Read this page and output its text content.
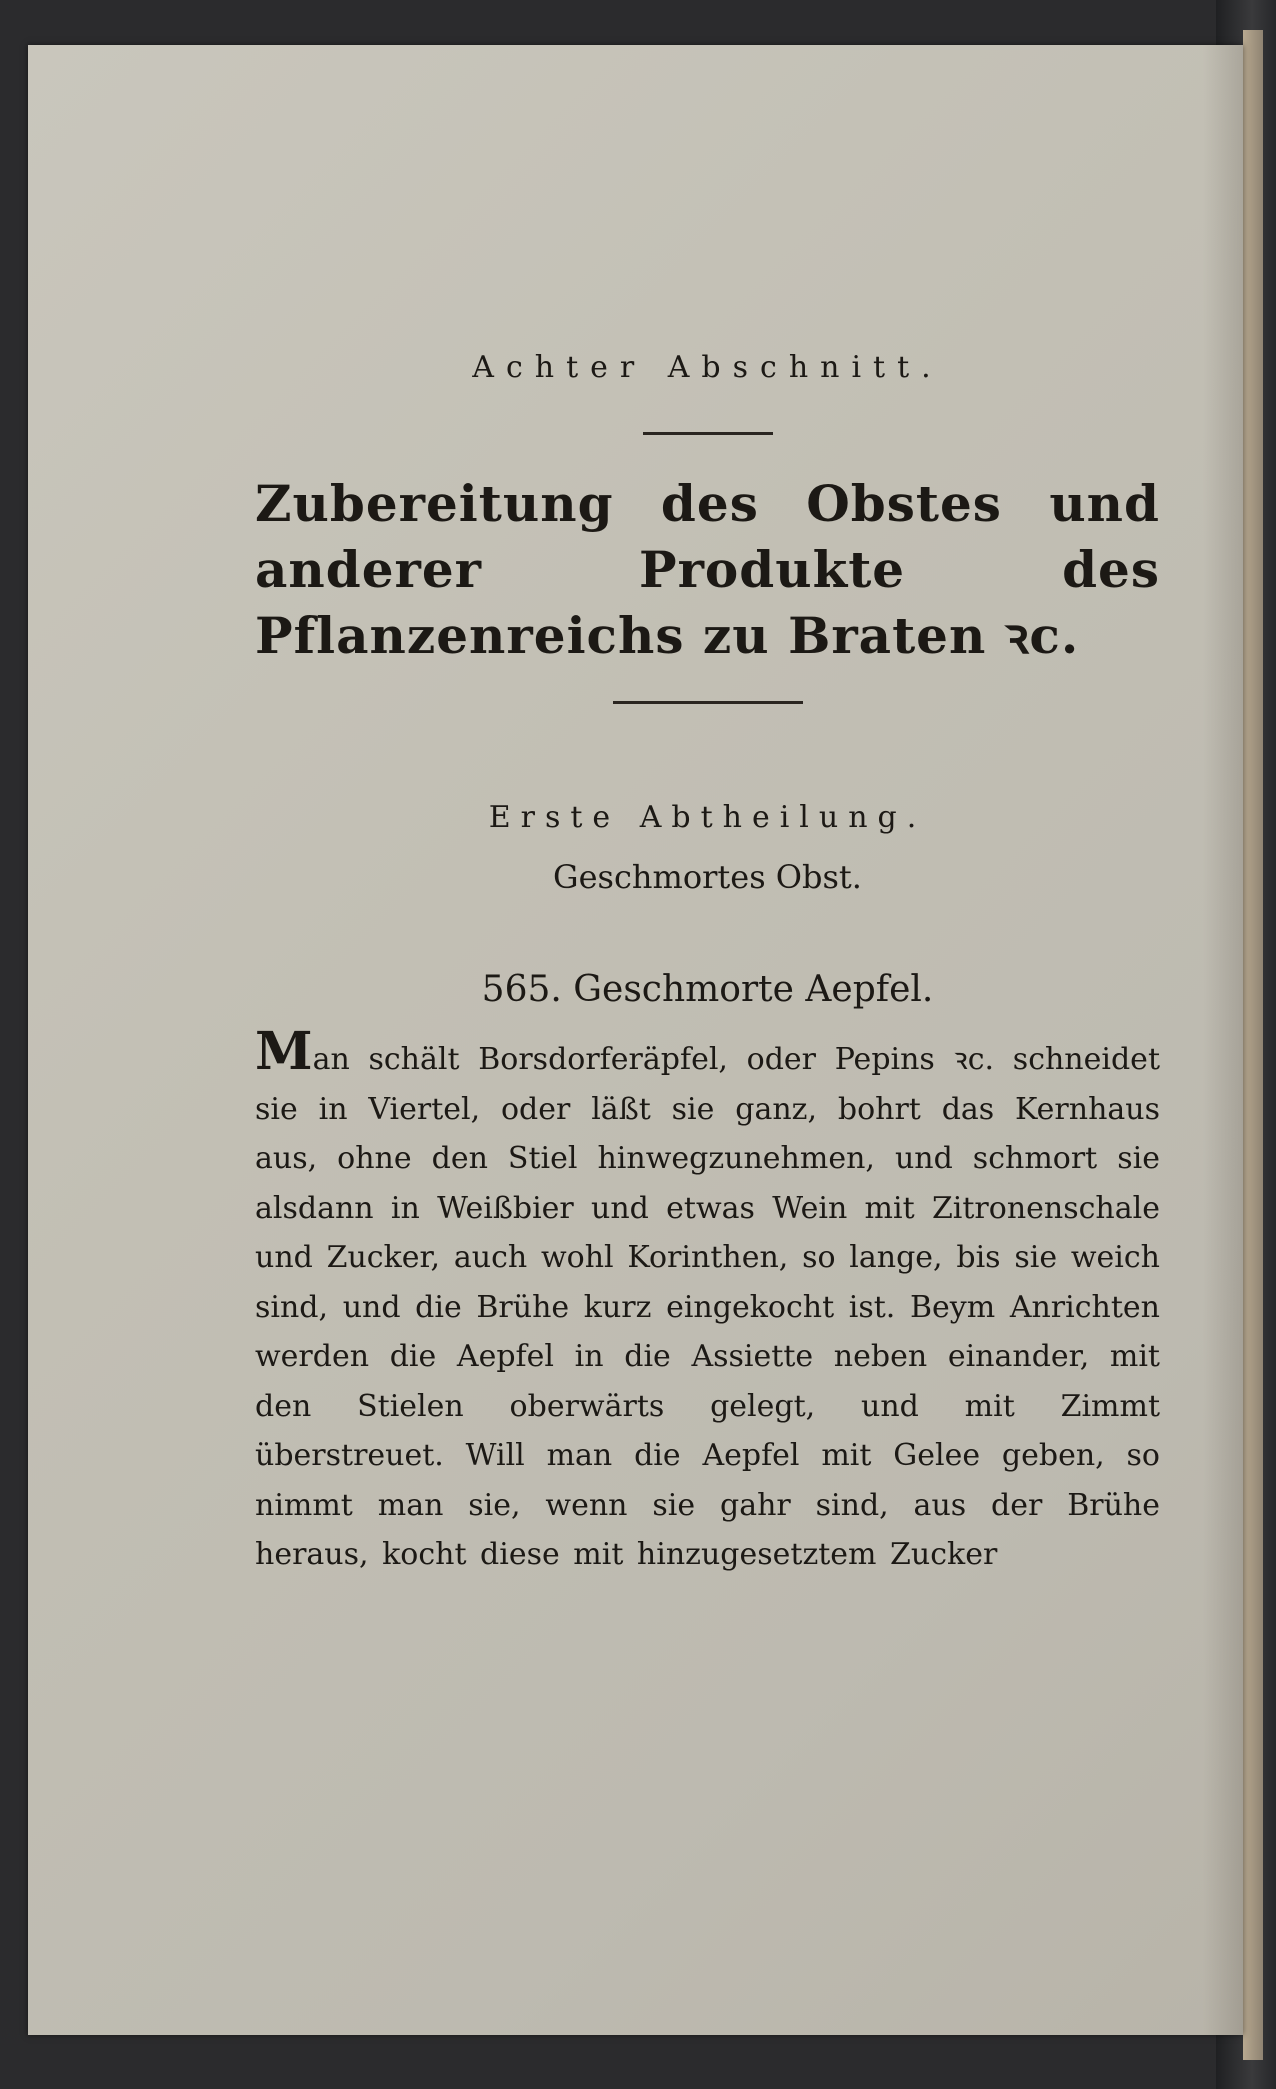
Achter Abschnitt.

Zubereitung des Obstes und anderer Produkte des Pflanzenreichs zu Braten ꝛc.

Erste Abtheilung.

Geschmortes Obst.

565. Geschmorte Aepfel.

Man schält Borsdorferäpfel, oder Pepins ꝛc. schneidet sie in Viertel, oder läßt sie ganz, bohrt das Kernhaus aus, ohne den Stiel hinwegzunehmen, und schmort sie alsdann in Weißbier und etwas Wein mit Zitronenschale und Zucker, auch wohl Korinthen, so lange, bis sie weich sind, und die Brühe kurz eingekocht ist. Beym Anrichten werden die Aepfel in die Assiette neben einander, mit den Stielen oberwärts gelegt, und mit Zimmt überstreuet. Will man die Aepfel mit Gelee geben, so nimmt man sie, wenn sie gahr sind, aus der Brühe heraus, kocht diese mit hinzugesetztem Zucker
